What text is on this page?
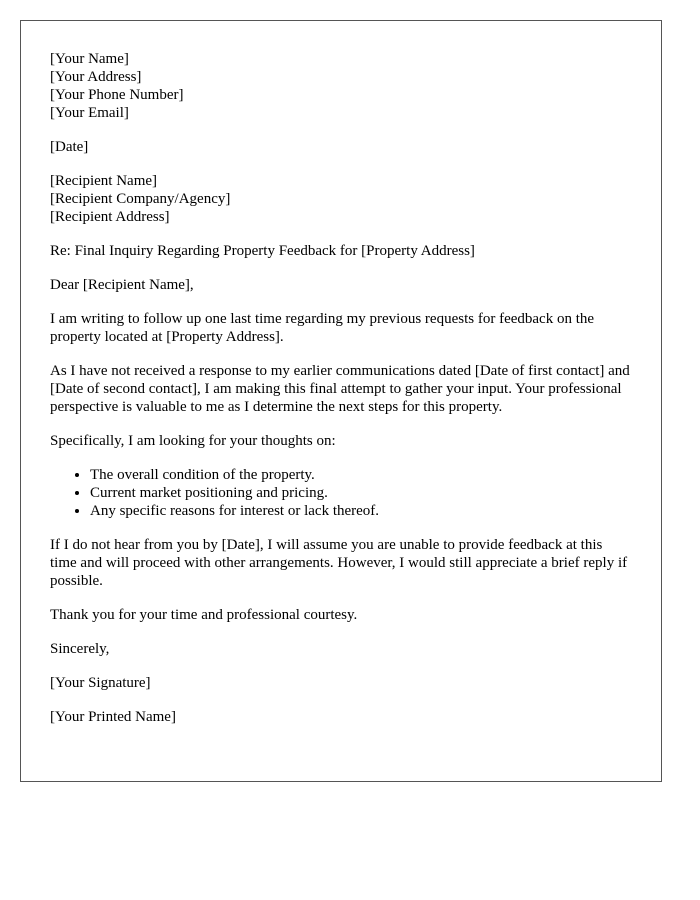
[Your Name]
[Your Address]
[Your Phone Number]
[Your Email]
[Date]
[Recipient Name]
[Recipient Company/Agency]
[Recipient Address]
Re: Final Inquiry Regarding Property Feedback for [Property Address]
Dear [Recipient Name],

I am writing to follow up one last time regarding my previous requests for feedback on the property located at [Property Address].

As I have not received a response to my earlier communications dated [Date of first contact] and [Date of second contact], I am making this final attempt to gather your input. Your professional perspective is valuable to me as I determine the next steps for this property.

Specifically, I am looking for your thoughts on:

• The overall condition of the property.
• Current market positioning and pricing.
• Any specific reasons for interest or lack thereof.

If I do not hear from you by [Date], I will assume you are unable to provide feedback at this time and will proceed with other arrangements. However, I would still appreciate a brief reply if possible.

Thank you for your time and professional courtesy.

Sincerely,
[Your Signature]
[Your Printed Name]
